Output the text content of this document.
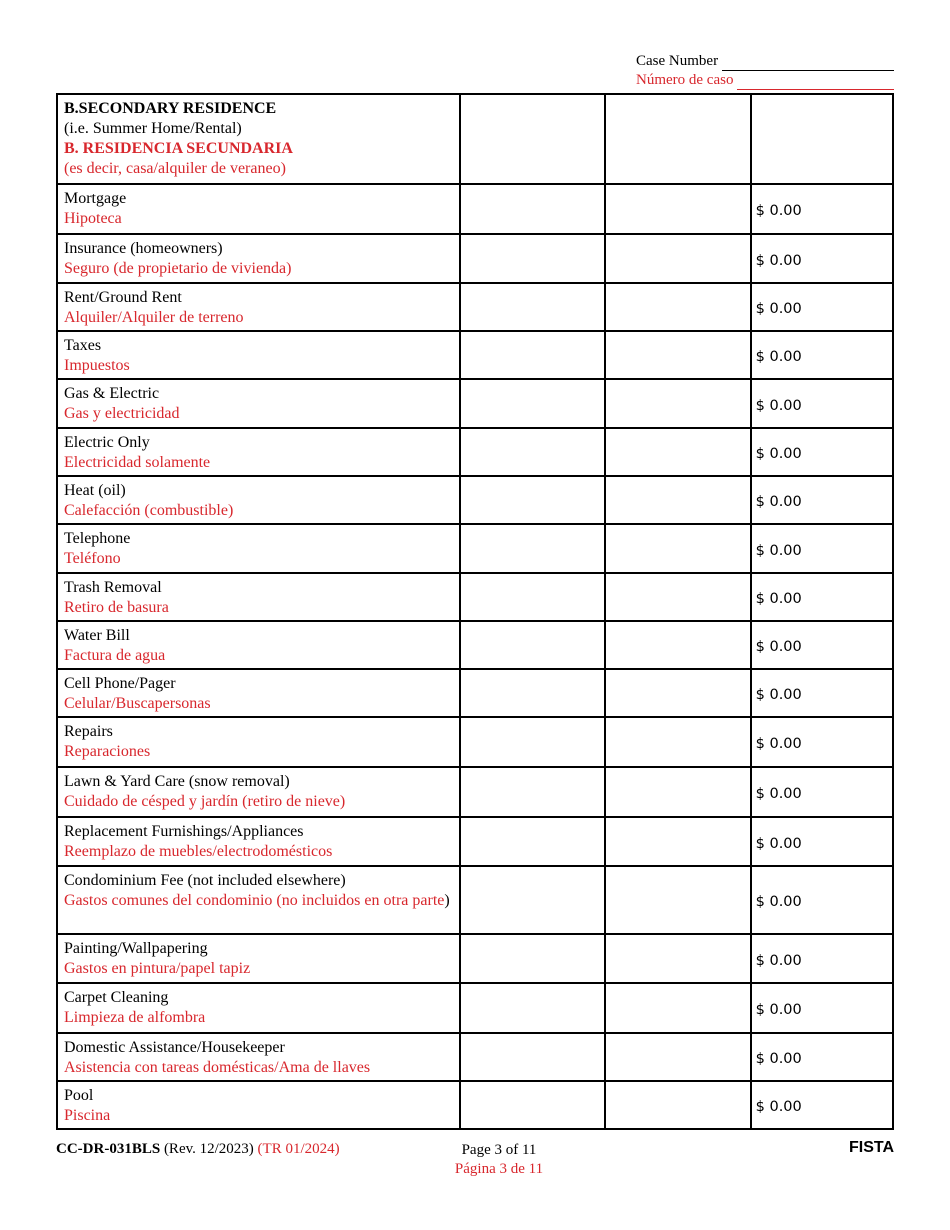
Case Number
Número de caso
B.SECONDARY RESIDENCE
(i.e. Summer Home/Rental)
B. RESIDENCIA SECUNDARIA
(es decir, casa/alquiler de veraneo)			

Mortgage
Hipoteca			$ 0.00

Insurance (homeowners)
Seguro (de propietario de vivienda)			$ 0.00

Rent/Ground Rent
Alquiler/Alquiler de terreno			$ 0.00

Taxes
Impuestos			$ 0.00

Gas & Electric
Gas y electricidad			$ 0.00

Electric Only
Electricidad solamente			$ 0.00

Heat (oil)
Calefacción (combustible)			$ 0.00

Telephone
Teléfono			$ 0.00

Trash Removal
Retiro de basura			$ 0.00

Water Bill
Factura de agua			$ 0.00

Cell Phone/Pager
Celular/Buscapersonas			$ 0.00

Repairs
Reparaciones			$ 0.00

Lawn & Yard Care (snow removal)
Cuidado de césped y jardín (retiro de nieve)			$ 0.00

Replacement Furnishings/Appliances
Reemplazo de muebles/electrodomésticos			$ 0.00

Condominium Fee (not included elsewhere)
Gastos comunes del condominio (no incluidos en otra parte)			$ 0.00

Painting/Wallpapering
Gastos en pintura/papel tapiz			$ 0.00

Carpet Cleaning
Limpieza de alfombra			$ 0.00

Domestic Assistance/Housekeeper
Asistencia con tareas domésticas/Ama de llaves			$ 0.00

Pool
Piscina			$ 0.00
CC-DR-031BLS (Rev. 12/2023) (TR 01/2024)	Page 3 of 11
Página 3 de 11
FISTA
